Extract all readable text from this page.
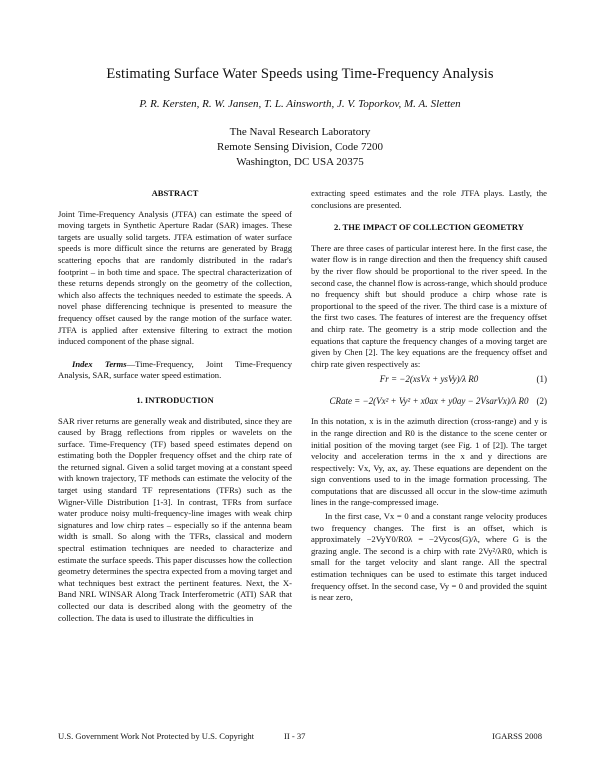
Estimating Surface Water Speeds using Time-Frequency Analysis
P. R. Kersten, R. W. Jansen, T. L. Ainsworth, J. V. Toporkov, M. A. Sletten
The Naval Research Laboratory
Remote Sensing Division, Code 7200
Washington, DC USA 20375

ABSTRACT

Joint Time-Frequency Analysis (JTFA) can estimate the speed of moving targets in Synthetic Aperture Radar (SAR) images. These targets are usually solid targets. JTFA estimation of water surface speeds is more difficult since the returns are generated by Bragg scattering epochs that are randomly distributed in the radar's footprint – in both time and space. The spectral characterization of these returns depends strongly on the geometry of the collection, which also affects the techniques needed to estimate the speeds. A novel phase differencing technique is presented to measure the frequency offset caused by the range motion of the surface water. JTFA is applied after extensive filtering to extract the motion induced component of the phase signal.

Index Terms—Time-Frequency, Joint Time-Frequency Analysis, SAR, surface water speed estimation.

1. INTRODUCTION

SAR river returns are generally weak and distributed, since they are caused by Bragg reflections from ripples or wavelets on the surface. Time-Frequency (TF) based speed estimates depend on estimating both the Doppler frequency offset and the chirp rate of the returned signal. Given a solid target moving at a constant speed with known trajectory, TF methods can estimate the velocity of the target using standard TF representations (TFRs) such as the Wigner-Ville Distribution [1-3]. In contrast, TFRs from surface water produce noisy multi-frequency-line images with weak chirp signatures and low chirp rates – especially so if the antenna beam width is small. So along with the TFRs, classical and modern spectral estimation techniques are needed to characterize and estimate the surface speeds. This paper discusses how the collection geometry determines the spectra expected from a moving target and what techniques best extract the pertinent features. Next, the X-Band NRL WINSAR Along Track Interferometric (ATI) SAR that collected our data is described along with the geometry of the collection. The data is used to illustrate the difficulties in

extracting speed estimates and the role JTFA plays. Lastly, the conclusions are presented.

2. THE IMPACT OF COLLECTION GEOMETRY

There are three cases of particular interest here. In the first case, the water flow is in range direction and then the frequency shift caused by the river flow should be proportional to the river speed. In the second case, the channel flow is across-range, which should produce no frequency shift but should produce a chirp whose rate is proportional to the speed of the river. The third case is a mixture of the first two cases. The features of interest are the frequency offset and chirp rate. The geometry is a strip mode collection and the equations that capture the frequency changes of a moving target are given by Chen [2]. The key equations are the frequency offset and chirp rate given respectively as:

Fr = −2(xsVx + ysVy)/λ R0	(1)
CRate = −2(Vx² + Vy² + x0ax + y0ay − 2VsarVx)/λ R0 (2)

In this notation, x is in the azimuth direction (cross-range) and y is in the range direction and R0 is the distance to the scene center or initial position of the moving target (see Fig. 1 of [2]). The target velocity and acceleration terms in the x and y directions are respectively: Vx, Vy, ax, ay. These equations are dependent on the sign conventions used to in the image formation processing. The computations that are discussed all occur in the slow-time azimuth lines in the range-compressed image.

In the first case, Vx = 0 and a constant range velocity produces two frequency changes. The first is an offset, which is approximately −2VyY0/R0λ = −2Vycos(G)/λ, where G is the grazing angle. The second is a chirp with rate 2Vy²/λR0, which is small for the target velocity and slant range. All the spectral estimation techniques can be used to estimate this target induced frequency offset. In the second case, Vy = 0 and provided the squint is near zero,

U.S. Government Work Not Protected by U.S. Copyright	II - 37	IGARSS 2008
